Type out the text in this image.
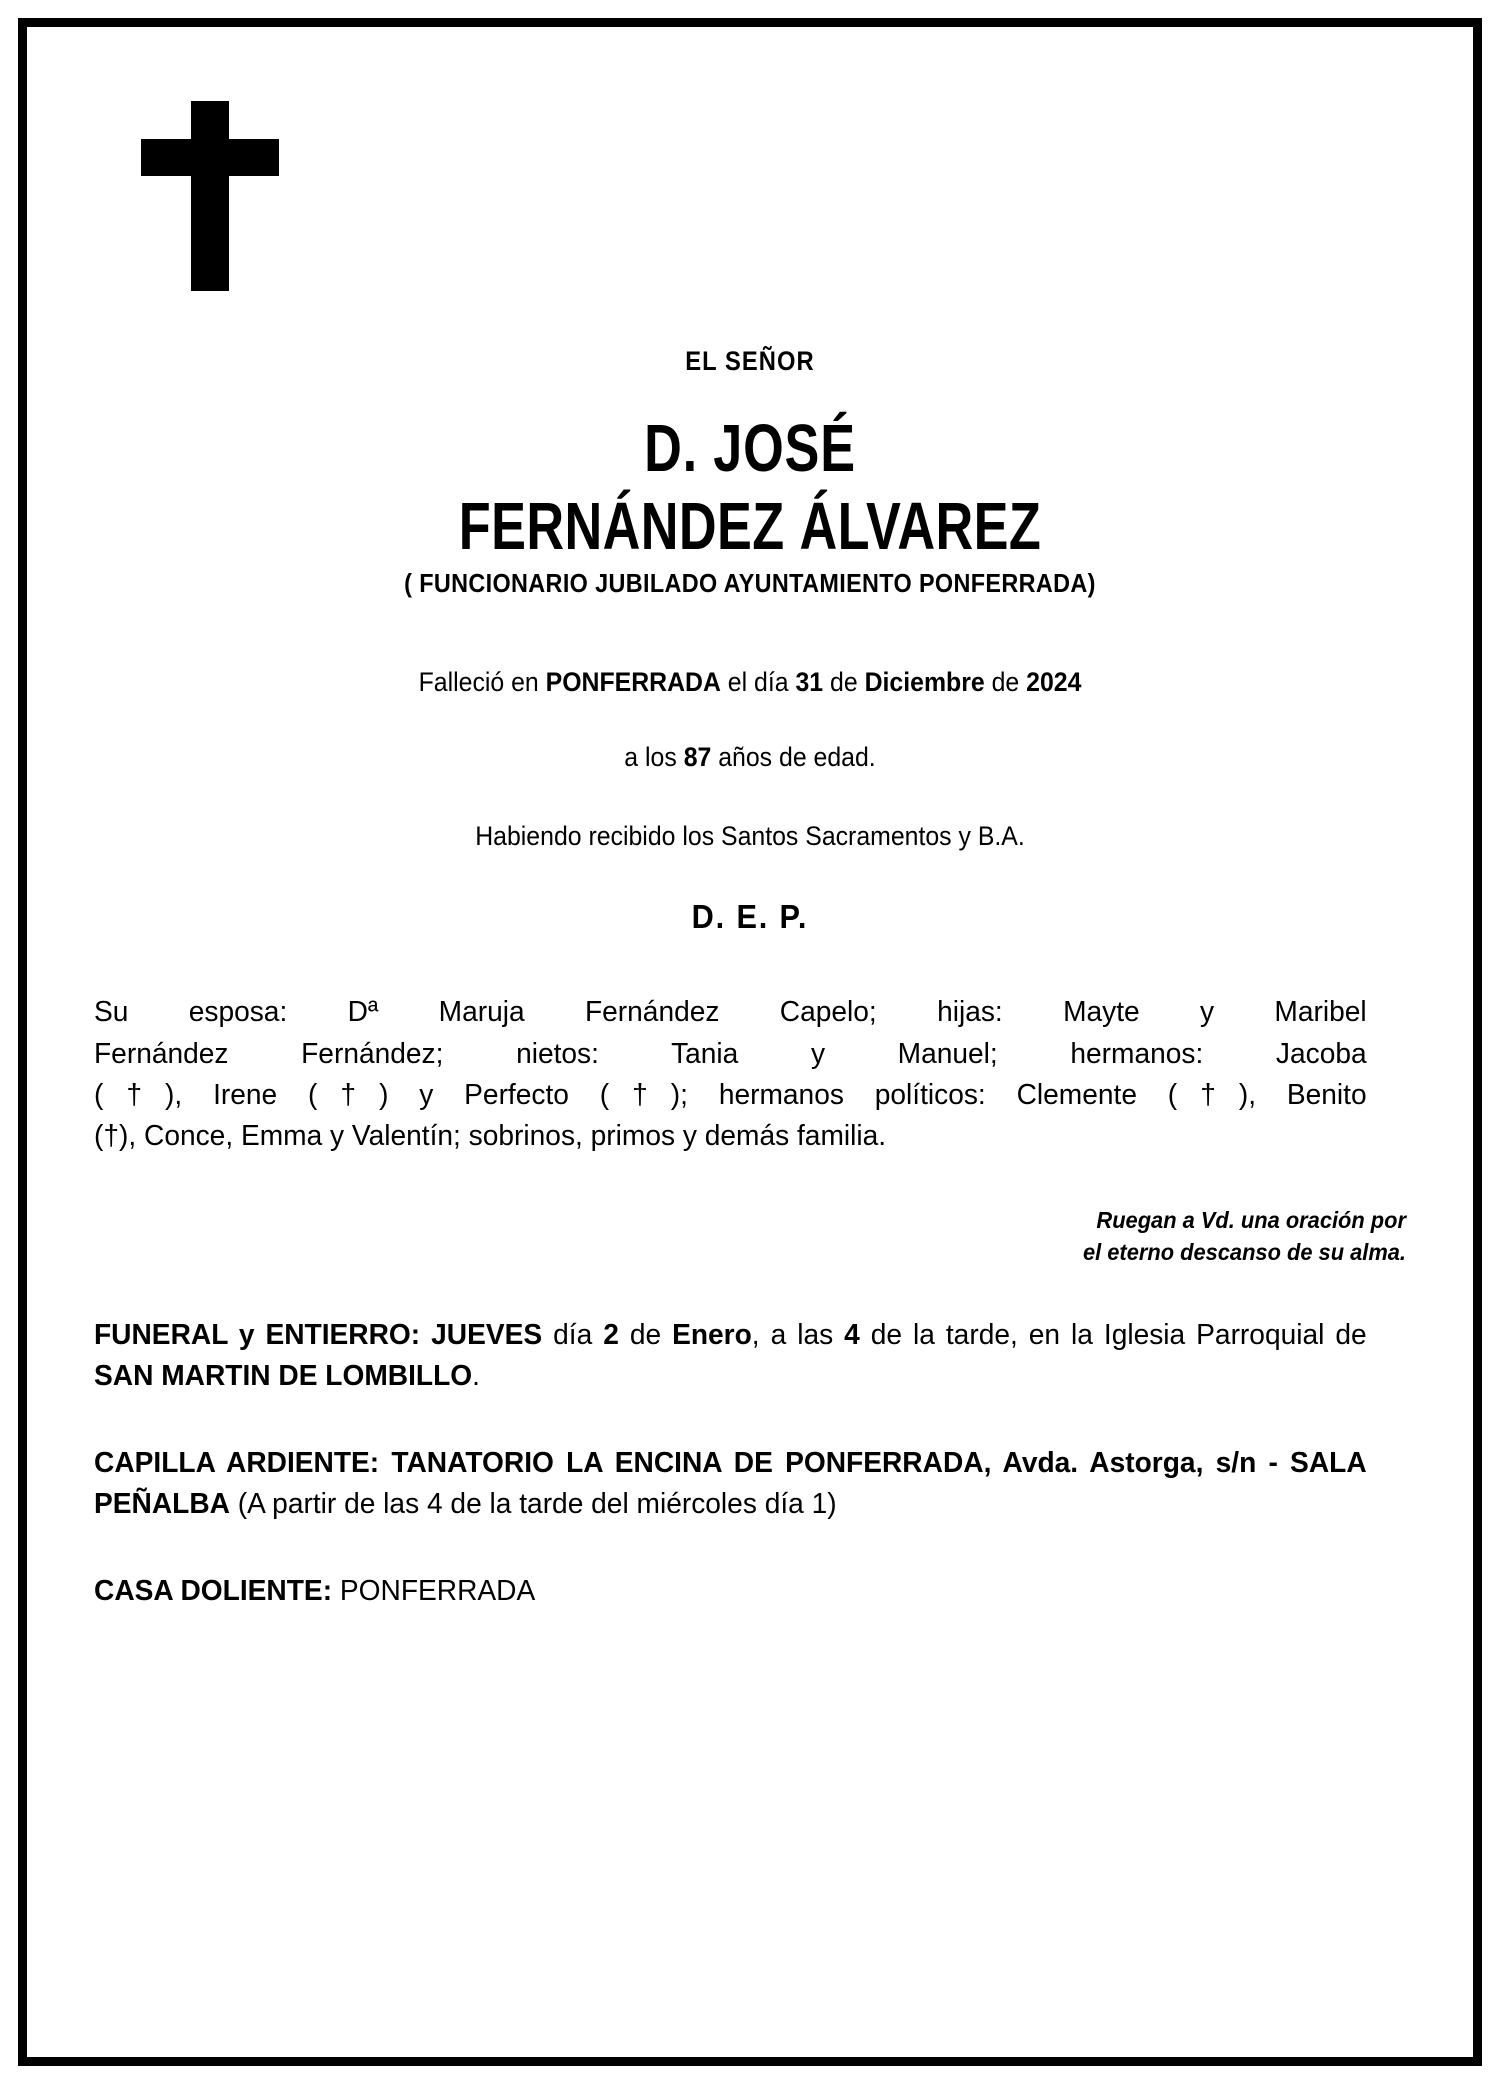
EL SEÑOR
D. JOSÉ
FERNÁNDEZ ÁLVAREZ
( FUNCIONARIO JUBILADO AYUNTAMIENTO PONFERRADA)
Falleció en PONFERRADA el día 31 de Diciembre de 2024
a los 87 años de edad.
Habiendo recibido los Santos Sacramentos y B.A.
D. E. P.
Su esposa: Dª Maruja Fernández Capelo; hijas: Mayte y Maribel
Fernández Fernández; nietos: Tania y Manuel; hermanos: Jacoba
(†), Irene (†) y Perfecto (†); hermanos políticos: Clemente (†), Benito
(†), Conce, Emma y Valentín; sobrinos, primos y demás familia.
Ruegan a Vd. una oración por
el eterno descanso de su alma.
FUNERAL y ENTIERRO: JUEVES día 2 de Enero, a las 4 de la tarde, en la Iglesia Parroquial de SAN MARTIN DE LOMBILLO.
CAPILLA ARDIENTE: TANATORIO LA ENCINA DE PONFERRADA, Avda. Astorga, s/n - SALA PEÑALBA (A partir de las 4 de la tarde del miércoles día 1)
CASA DOLIENTE: PONFERRADA
